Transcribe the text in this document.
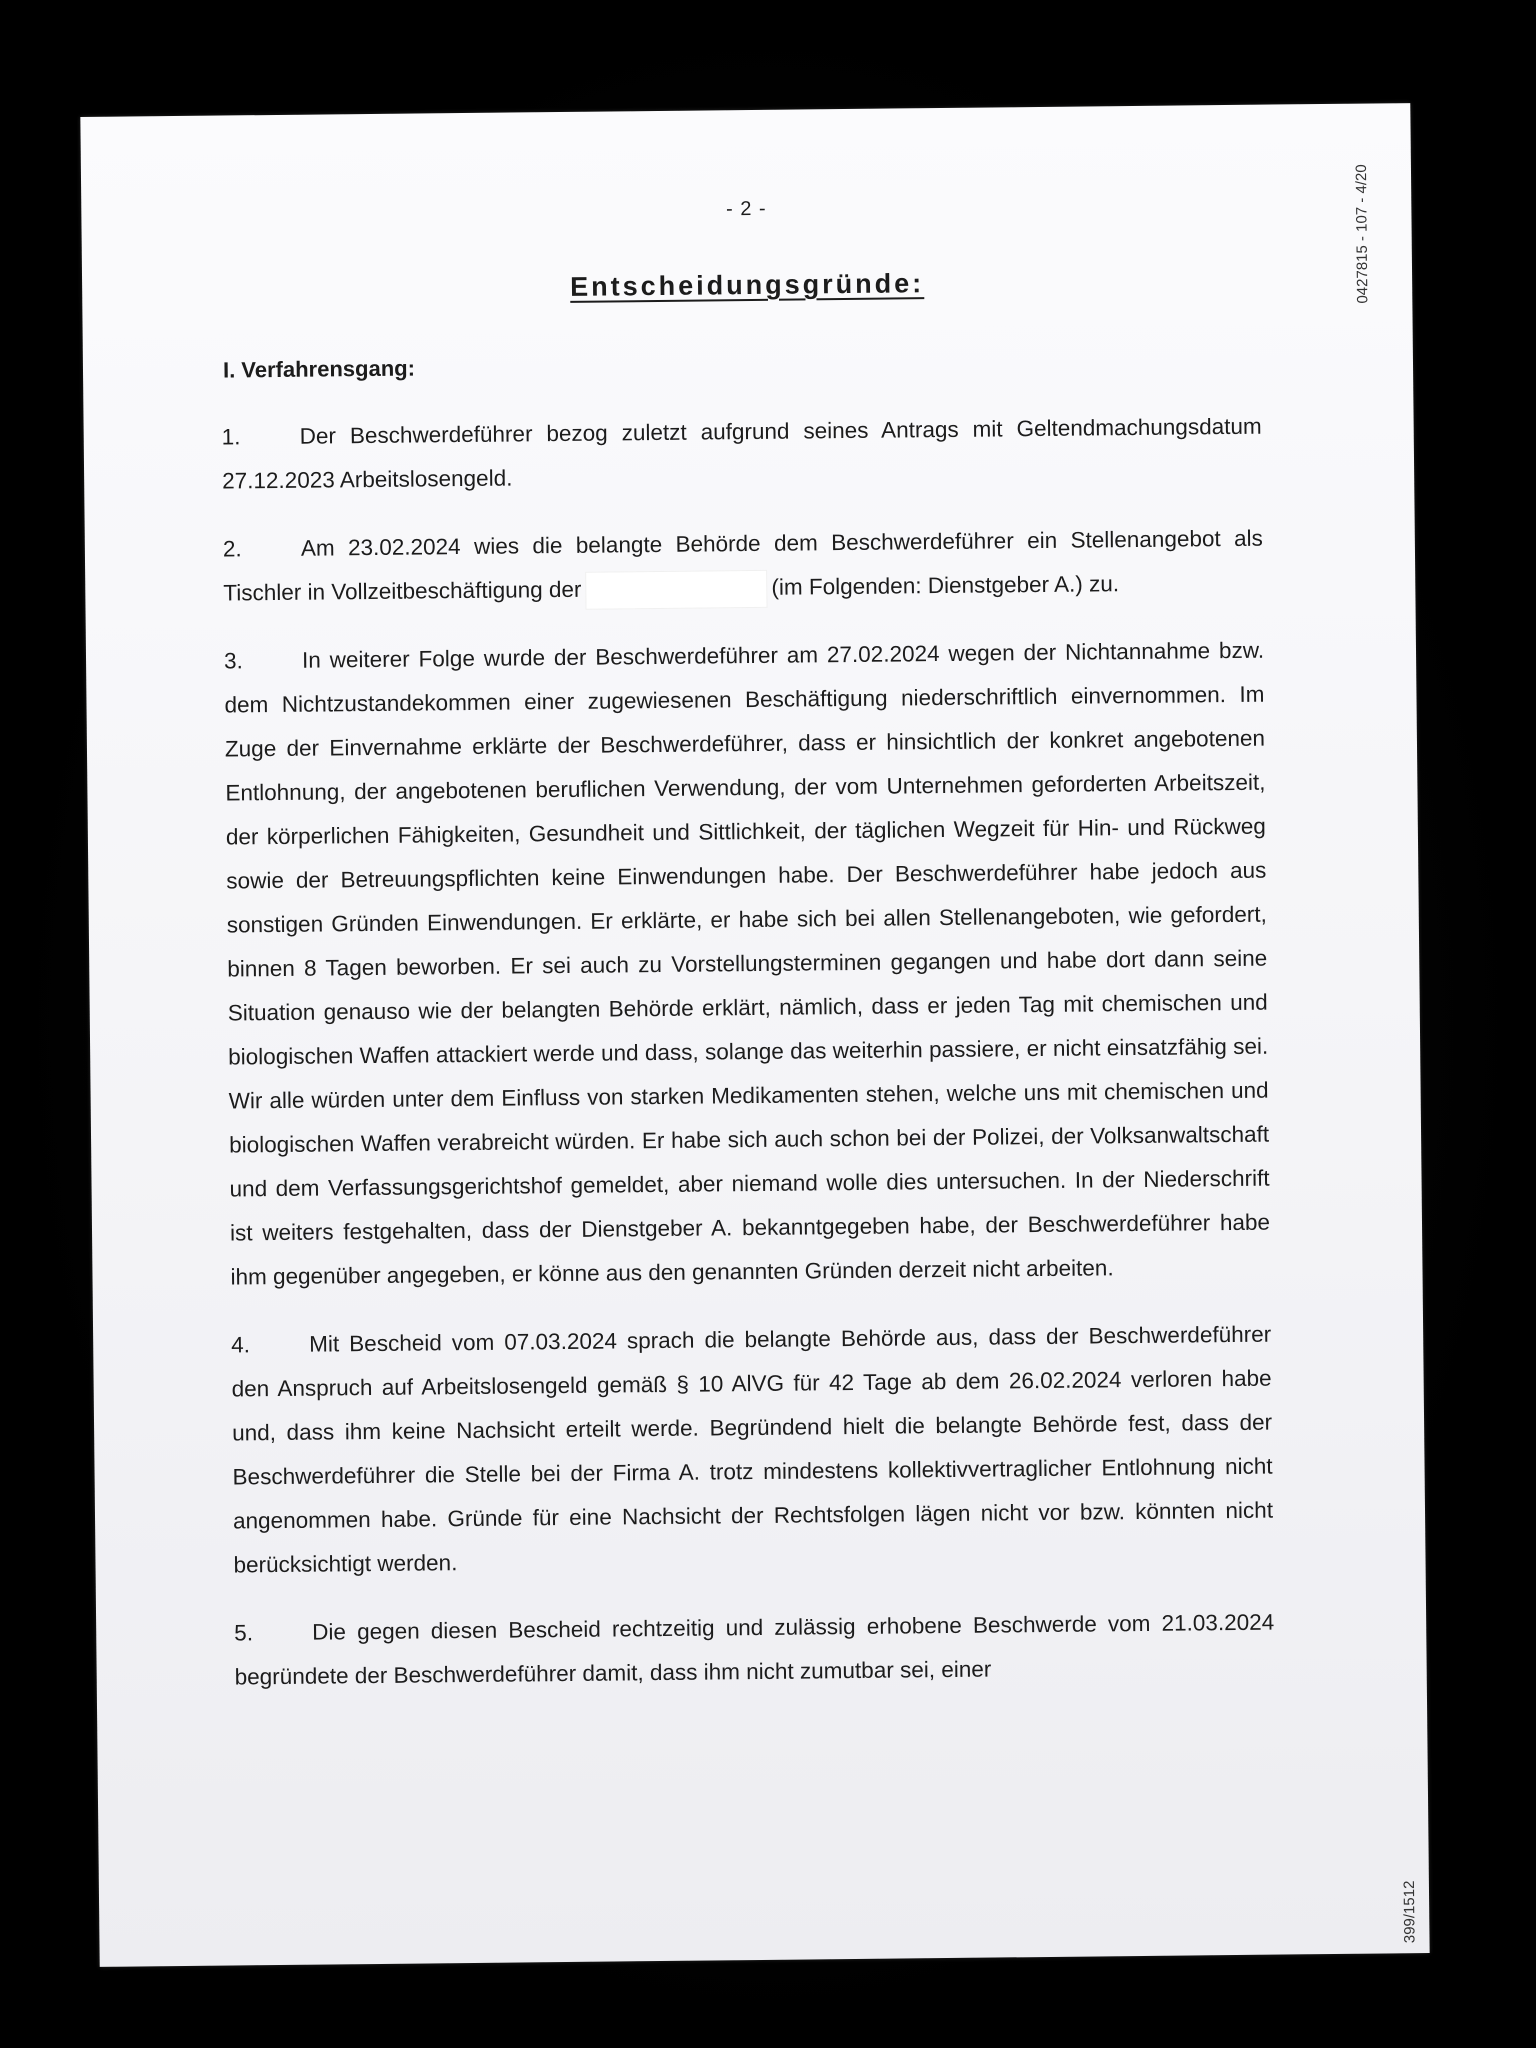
- 2 -	0427815 - 107 - 4/20
399/1512
Entscheidungsgründe:
I. Verfahrensgang:

1.	Der Beschwerdeführer bezog zuletzt aufgrund seines Antrags mit Geltendmachungsdatum 27.12.2023 Arbeitslosengeld.

2.	Am 23.02.2024 wies die belangte Behörde dem Beschwerdeführer ein Stellenangebot als Tischler in Vollzeitbeschäftigung der	(im Folgenden: Dienstgeber A.) zu.

3.	In weiterer Folge wurde der Beschwerdeführer am 27.02.2024 wegen der Nichtannahme bzw. dem Nichtzustandekommen einer zugewiesenen Beschäftigung niederschriftlich einvernommen. Im Zuge der Einvernahme erklärte der Beschwerdeführer, dass er hinsichtlich der konkret angebotenen Entlohnung, der angebotenen beruflichen Verwendung, der vom Unternehmen geforderten Arbeitszeit, der körperlichen Fähigkeiten, Gesundheit und Sittlichkeit, der täglichen Wegzeit für Hin- und Rückweg sowie der Betreuungspflichten keine Einwendungen habe. Der Beschwerdeführer habe jedoch aus sonstigen Gründen Einwendungen. Er erklärte, er habe sich bei allen Stellenangeboten, wie gefordert, binnen 8 Tagen beworben. Er sei auch zu Vorstellungsterminen gegangen und habe dort dann seine Situation genauso wie der belangten Behörde erklärt, nämlich, dass er jeden Tag mit chemischen und biologischen Waffen attackiert werde und dass, solange das weiterhin passiere, er nicht einsatzfähig sei. Wir alle würden unter dem Einfluss von starken Medikamenten stehen, welche uns mit chemischen und biologischen Waffen verabreicht würden. Er habe sich auch schon bei der Polizei, der Volksanwaltschaft und dem Verfassungsgerichtshof gemeldet, aber niemand wolle dies untersuchen. In der Niederschrift ist weiters festgehalten, dass der Dienstgeber A. bekanntgegeben habe, der Beschwerdeführer habe ihm gegenüber angegeben, er könne aus den genannten Gründen derzeit nicht arbeiten.

4.	Mit Bescheid vom 07.03.2024 sprach die belangte Behörde aus, dass der Beschwerdeführer den Anspruch auf Arbeitslosengeld gemäß § 10 AlVG für 42 Tage ab dem 26.02.2024 verloren habe und, dass ihm keine Nachsicht erteilt werde. Begründend hielt die belangte Behörde fest, dass der Beschwerdeführer die Stelle bei der Firma A. trotz mindestens kollektivvertraglicher Entlohnung nicht angenommen habe. Gründe für eine Nachsicht der Rechtsfolgen lägen nicht vor bzw. könnten nicht berücksichtigt werden.

5.	Die gegen diesen Bescheid rechtzeitig und zulässig erhobene Beschwerde vom 21.03.2024 begründete der Beschwerdeführer damit, dass ihm nicht zumutbar sei, einer
